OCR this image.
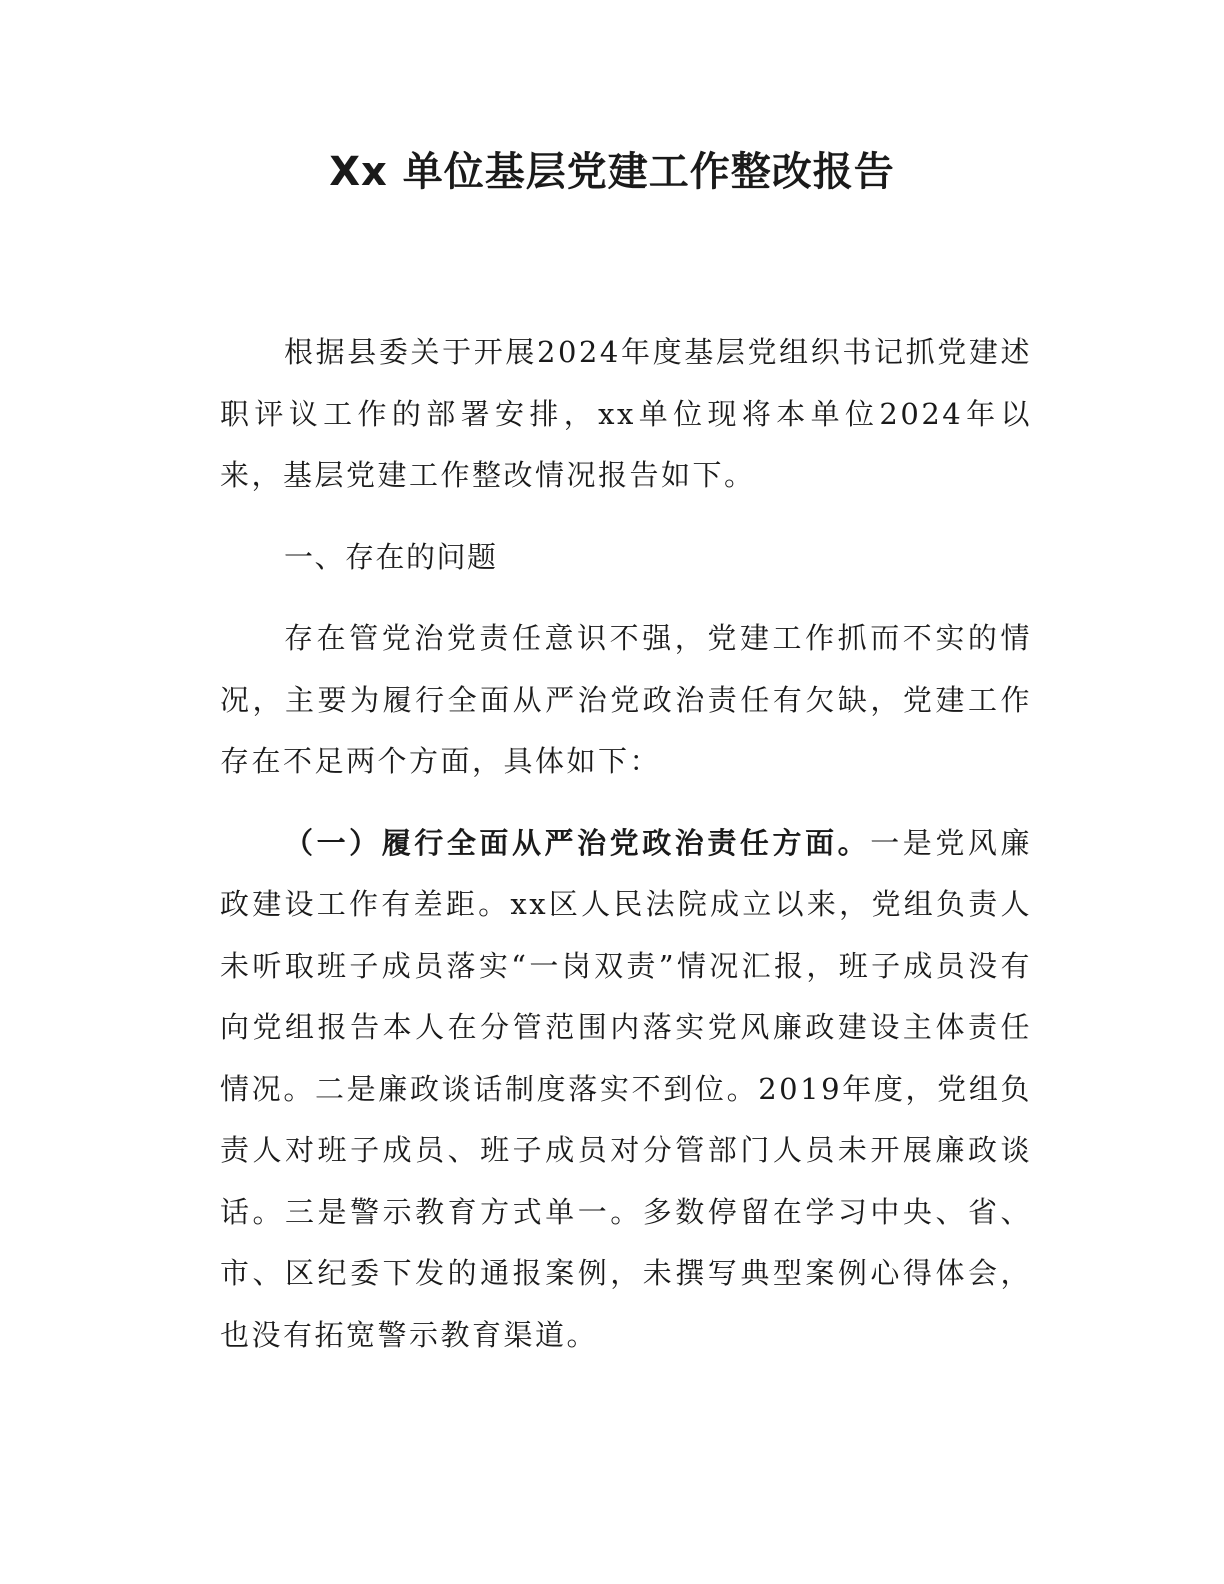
Xx 单位基层党建工作整改报告

根据县委关于开展2024年度基层党组织书记抓党建述职评议工作的部署安排，xx单位现将本单位2024年以来，基层党建工作整改情况报告如下。

一、存在的问题

存在管党治党责任意识不强，党建工作抓而不实的情况，主要为履行全面从严治党政治责任有欠缺，党建工作存在不足两个方面，具体如下：

（一）履行全面从严治党政治责任方面。一是党风廉政建设工作有差距。xx区人民法院成立以来，党组负责人未听取班子成员落实“一岗双责”情况汇报，班子成员没有向党组报告本人在分管范围内落实党风廉政建设主体责任情况。二是廉政谈话制度落实不到位。2019年度，党组负责人对班子成员、班子成员对分管部门人员未开展廉政谈话。三是警示教育方式单一。多数停留在学习中央、省、市、区纪委下发的通报案例，未撰写典型案例心得体会，也没有拓宽警示教育渠道。
